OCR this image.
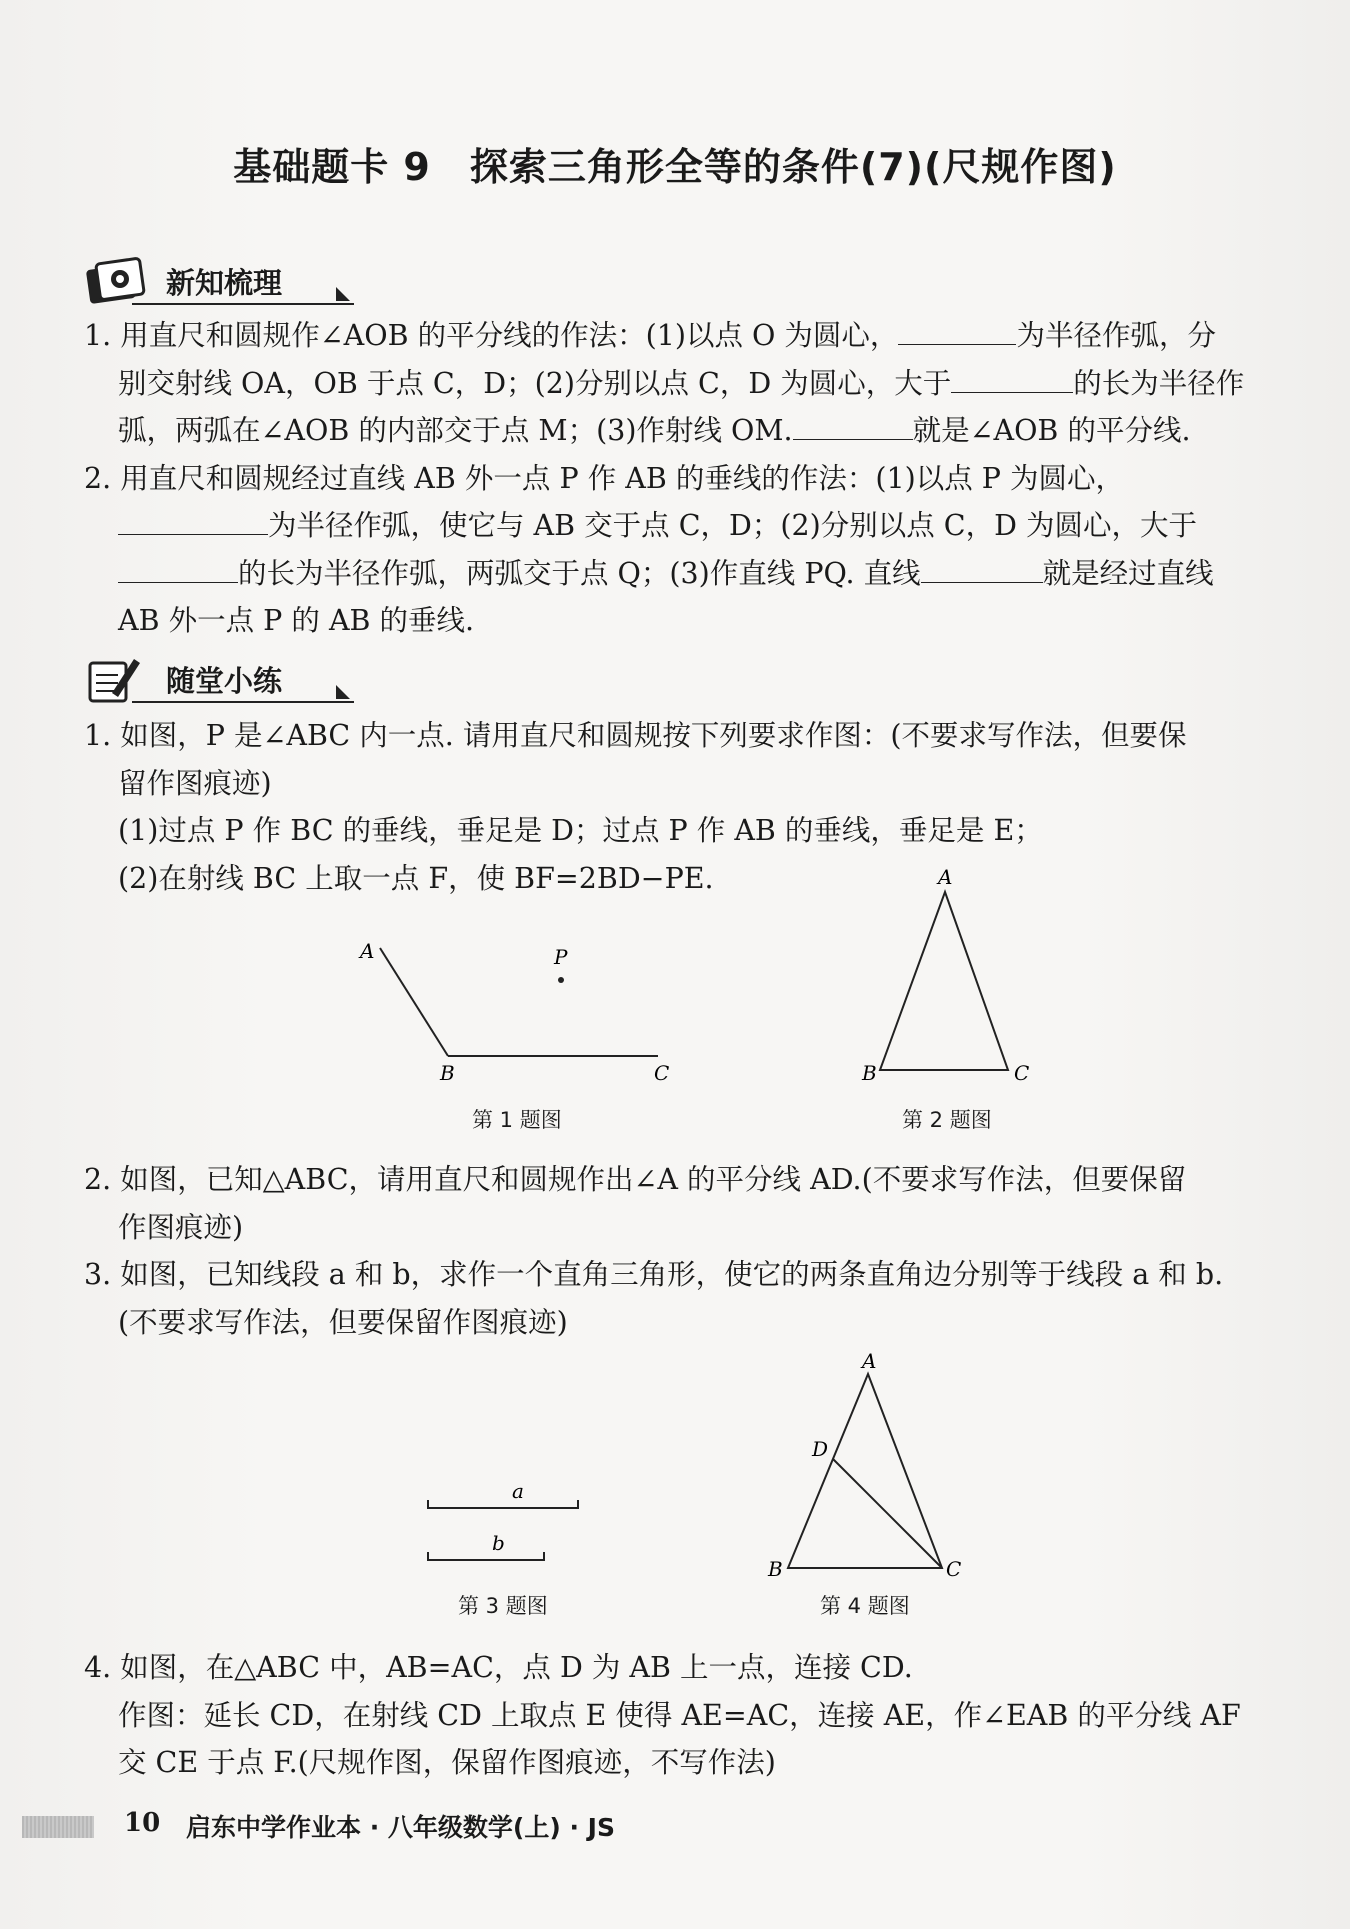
基础题卡 9　探索三角形全等的条件(7)(尺规作图)
新知梳理
1. 用直尺和圆规作∠AOB 的平分线的作法：(1)以点 O 为圆心，	为半径作弧，分
别交射线 OA，OB 于点 C，D；(2)分别以点 C，D 为圆心，大于	的长为半径作
弧，两弧在∠AOB 的内部交于点 M；(3)作射线 OM.	就是∠AOB 的平分线.
2. 用直尺和圆规经过直线 AB 外一点 P 作 AB 的垂线的作法：(1)以点 P 为圆心，
为半径作弧，使它与 AB 交于点 C，D；(2)分别以点 C，D 为圆心，大于
的长为半径作弧，两弧交于点 Q；(3)作直线 PQ. 直线	就是经过直线
AB 外一点 P 的 AB 的垂线.
随堂小练
1. 如图，P 是∠ABC 内一点. 请用直尺和圆规按下列要求作图：(不要求写作法，但要保
留作图痕迹)
(1)过点 P 作 BC 的垂线，垂足是 D；过点 P 作 AB 的垂线，垂足是 E；
(2)在射线 BC 上取一点 F，使 BF=2BD−PE.
A
B	C
P
第 1 题图
A
B	C
第 2 题图
2. 如图，已知△ABC，请用直尺和圆规作出∠A 的平分线 AD.(不要求写作法，但要保留
作图痕迹)
3. 如图，已知线段 a 和 b，求作一个直角三角形，使它的两条直角边分别等于线段 a 和 b.
(不要求写作法，但要保留作图痕迹)
a
b
第 3 题图
A
D
B	C
第 4 题图
4. 如图，在△ABC 中，AB=AC，点 D 为 AB 上一点，连接 CD.
作图：延长 CD，在射线 CD 上取点 E 使得 AE=AC，连接 AE，作∠EAB 的平分线 AF
交 CE 于点 F.(尺规作图，保留作图痕迹，不写作法)
10 启东中学作业本 · 八年级数学(上) · JS
